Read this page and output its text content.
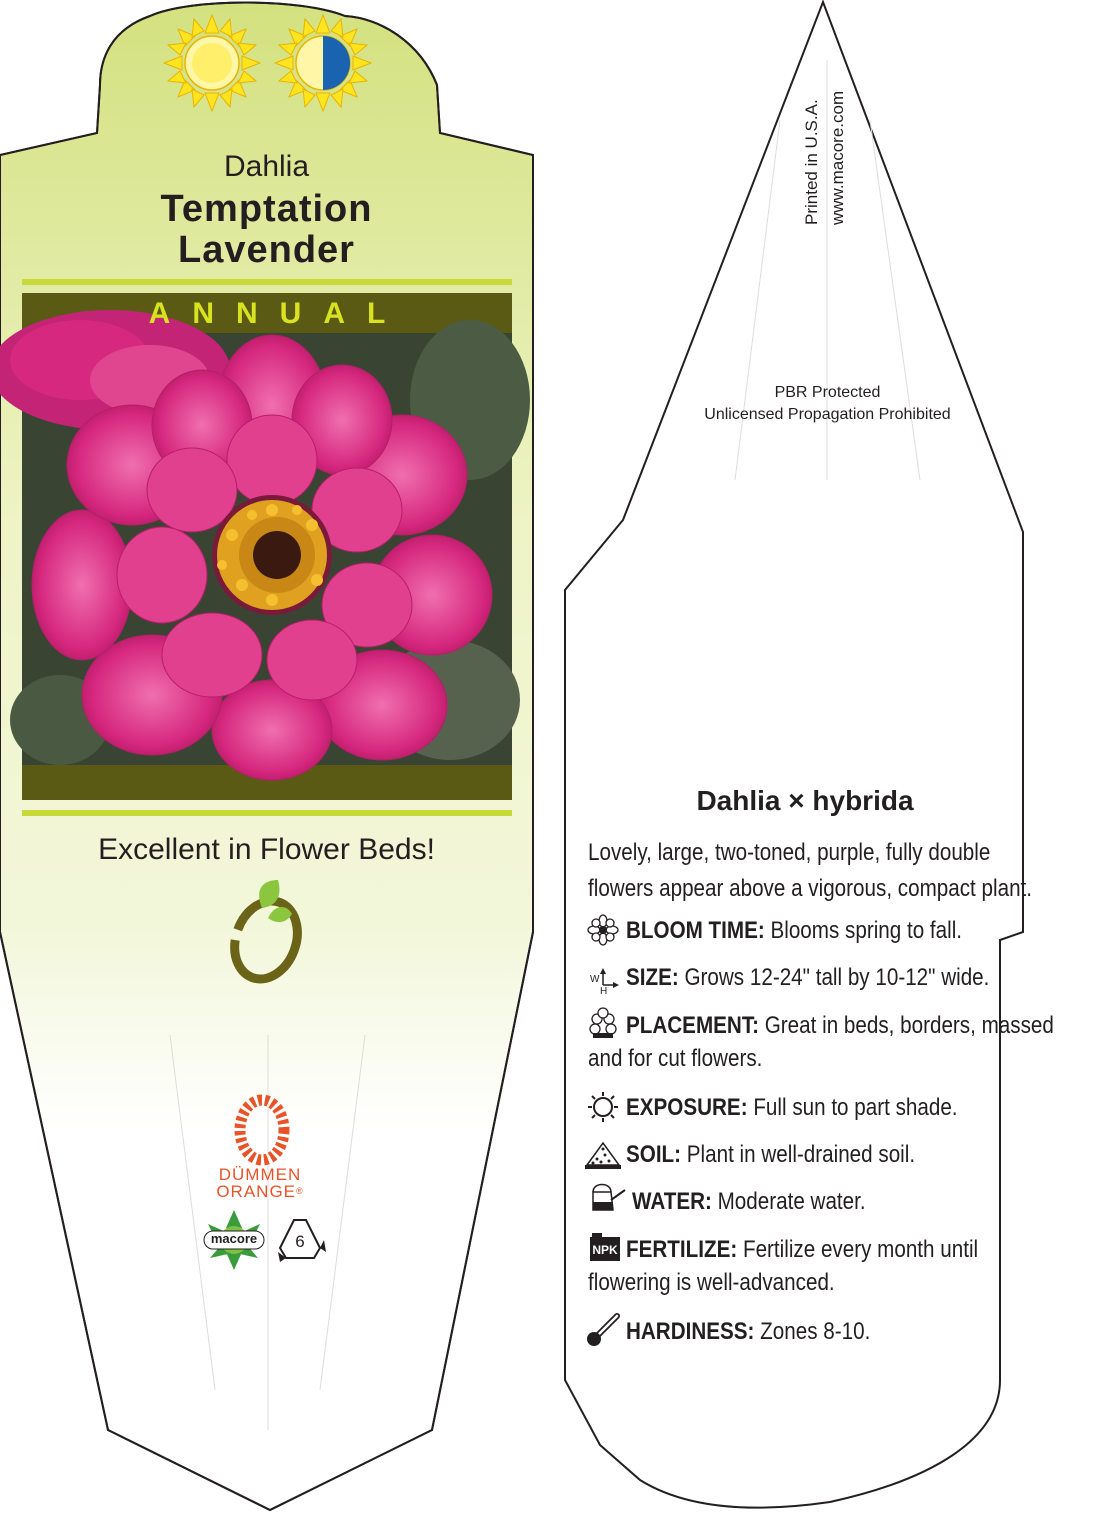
Dahlia
Temptation
Lavender
ANNUAL
Excellent in Flower Beds!
DÜMMEN
ORANGE®
macore	6
Printed in U.S.A. www.macore.com
PBR Protected
Unlicensed Propagation Prohibited
Dahlia × hybrida
Lovely, large, two-toned, purple, fully double
flowers appear above a vigorous, compact plant.
BLOOM TIME: Blooms spring to fall.
W
H
SIZE: Grows 12-24" tall by 10-12" wide.
PLACEMENT: Great in beds, borders, massed
and for cut flowers.
EXPOSURE: Full sun to part shade.
SOIL: Plant in well-drained soil.
WATER: Moderate water.
NPK FERTILIZE: Fertilize every month until
flowering is well-advanced.
HARDINESS: Zones 8-10.
